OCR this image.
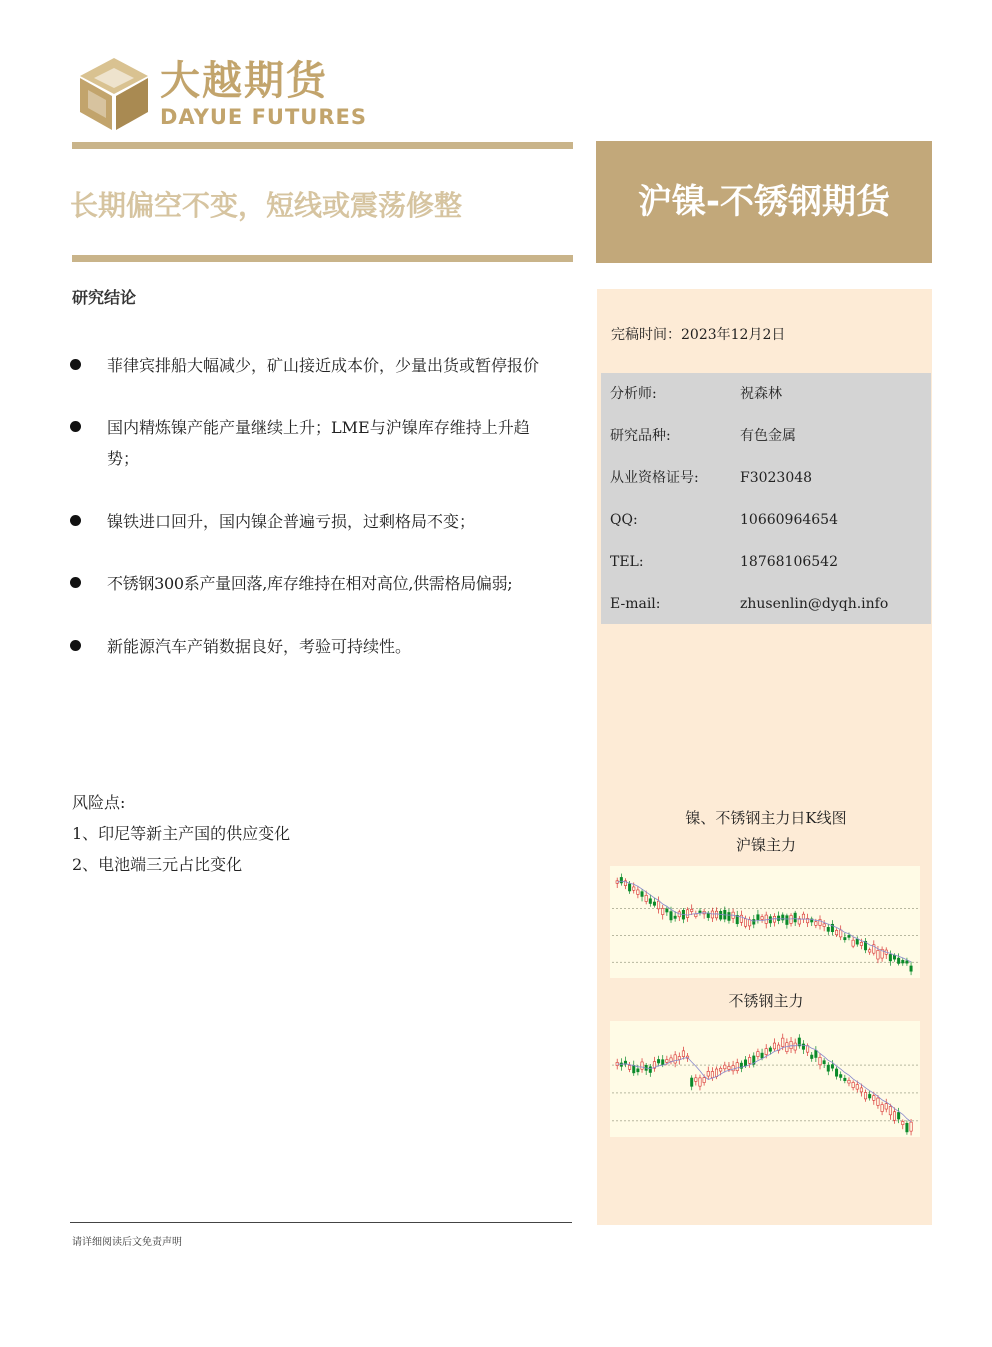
大越期货
DAYUE FUTURES
长期偏空不变，短线或震荡修整	沪镍-不锈钢期货
研究结论
菲律宾排船大幅减少，矿山接近成本价，少量出货或暂停报价
国内精炼镍产能产量继续上升；LME与沪镍库存维持上升趋
势；
镍铁进口回升，国内镍企普遍亏损，过剩格局不变；
不锈钢300系产量回落,库存维持在相对高位,供需格局偏弱;
新能源汽车产销数据良好，考验可持续性。
风险点:
1、印尼等新主产国的供应变化
2、电池端三元占比变化
完稿时间：2023年12月2日
分析师:	祝森林
研究品种:	有色金属
从业资格证号:	F3023048
QQ:	10660964654
TEL:	18768106542
E-mail:	zhusenlin@dyqh.info
镍、不锈钢主力日K线图
沪镍主力
不锈钢主力
请详细阅读后文免责声明
